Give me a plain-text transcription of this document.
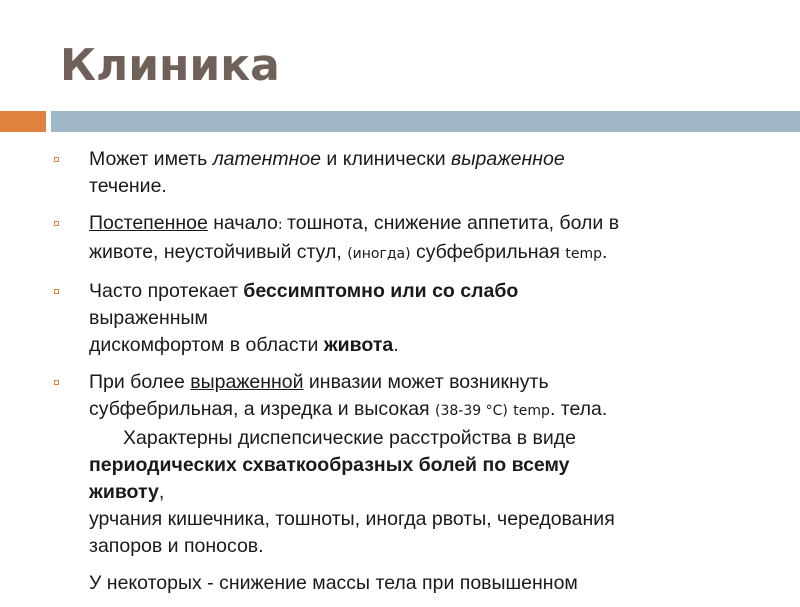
Клиника
Может иметь латентное и клинически выраженное
течение.
Постепенное начало: тошнота, снижение аппетита, боли в
животе, неустойчивый стул, (иногда) субфебрильная temp.
Часто протекает бессимптомно или со слабо
выраженным
дискомфортом в области живота.
При более выраженной инвазии может возникнуть
субфебрильная, а изредка и высокая (38-39 °С) temp. тела.
Характерны диспепсические расстройства в виде
периодических схваткообразных болей по всему
животу,
урчания кишечника, тошноты, иногда рвоты, чередования
запоров и поносов.
У некоторых - снижение массы тела при повышенном
